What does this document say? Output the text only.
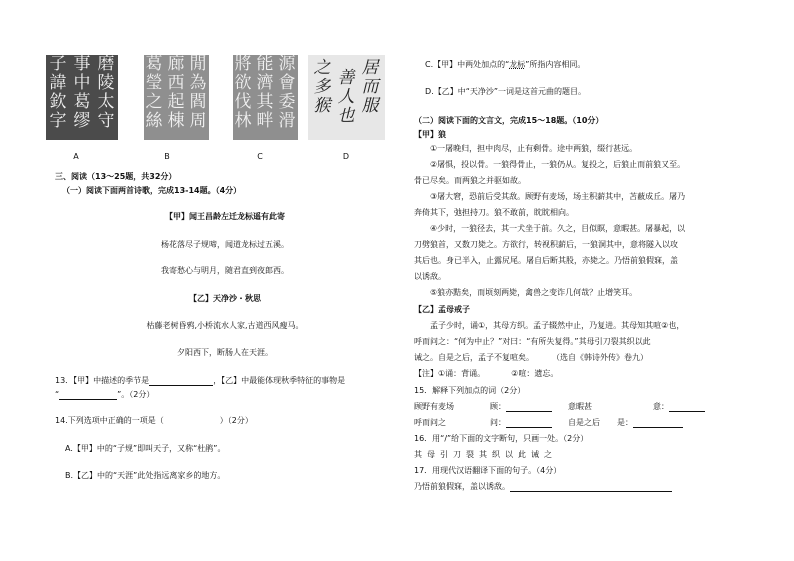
磨陵太守
事中葛缪
子諱欽字
A
閒為閻周
廊西起棟
葛瑩之絲
B
源會委滑
能濟其畔
將欲伐林
C
居而服
善人也
之多猴
D
三、阅读（13～25题，共32分）
（一）阅读下面两首诗歌，完成13-14题。（4分）
【甲】闻王昌龄左迁龙标遥有此寄
杨花落尽子规啼，闻道龙标过五溪。
我寄愁心与明月，随君直到夜郎西。
【乙】天净沙・秋思
枯藤老树昏鸦,小桥流水人家,古道西风瘦马。
夕阳西下，断肠人在天涯。
13．【甲】中描述的季节是	，【乙】中最能体现秋季特征的事物是
“	”。（2分）
14.下列选项中正确的一项是（	）（2分）
A.【甲】中的“子规”即叫天子，又称“杜鹃”。
B.【乙】中的“天涯”此处指远离家乡的地方。
C.【甲】中两处加点的“龙标”所指内容相同。
D.【乙】中“天净沙”一词是这首元曲的题目。
（二）阅读下面的文言文，完成15～18题。（10分）
【甲】狼
①一屠晚归，担中肉尽，止有剩骨。途中两狼，缀行甚远。
②屠惧，投以骨。一狼得骨止，一狼仍从。复投之，后狼止而前狼又至。
骨已尽矣。而两狼之并驱如故。
③屠大窘，恐前后受其敌。顾野有麦场，场主积薪其中，苫蔽成丘。屠乃
奔倚其下，弛担持刀。狼不敢前，眈眈相向。
④少时，一狼径去，其一犬坐于前。久之，目似瞑，意暇甚。屠暴起，以
刀劈狼首，又数刀毙之。方欲行，转视积薪后，一狼洞其中，意将隧入以攻
其后也。身已半入，止露尻尾。屠自后断其股，亦毙之。乃悟前狼假寐，盖
以诱敌。
⑤狼亦黠矣，而顷刻两毙，禽兽之变诈几何哉？止增笑耳。
【乙】孟母戒子
孟子少时，诵①，其母方织。孟子辍然中止，乃复进。其母知其喧②也，
呼而问之：“何为中止？”对曰：“有所失复得。”其母引刀裂其织以此
诫之。自是之后，孟子不复喧矣。	（选自《韩诗外传》卷九）
【注】①诵：背诵。	②喧：遗忘。
15．解释下列加点的词（2分）
顾野有麦场	顾：	意暇甚	意：
呼而问之	问：	自是之后 是：
16．用“/”给下面的文字断句，只画一处。（2分）
其母引刀裂其织以此诫之
17．用现代汉语翻译下面的句子。（4分）
乃悟前狼假寐，盖以诱敌。
